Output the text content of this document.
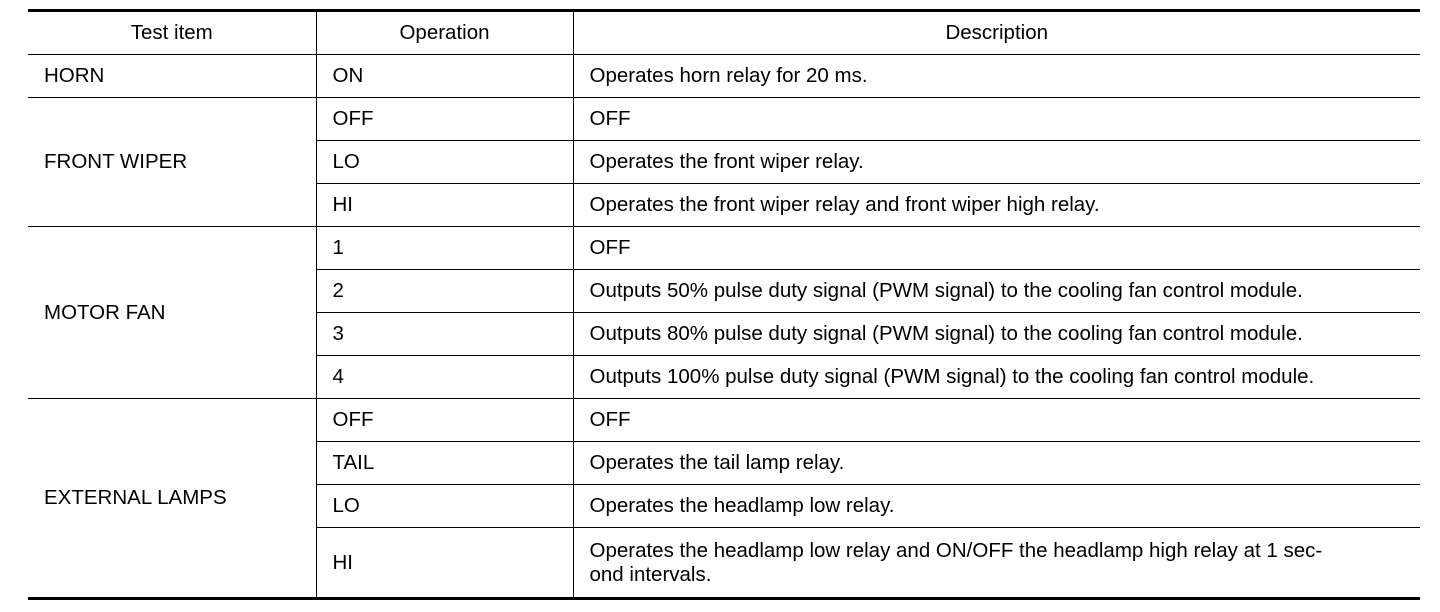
Test item	Operation	Description
HORN	ON	Operates horn relay for 20 ms.
FRONT WIPER	OFF	OFF
	LO	Operates the front wiper relay.
	HI	Operates the front wiper relay and front wiper high relay.
MOTOR FAN	1	OFF
	2	Outputs 50% pulse duty signal (PWM signal) to the cooling fan control module.
	3	Outputs 80% pulse duty signal (PWM signal) to the cooling fan control module.
	4	Outputs 100% pulse duty signal (PWM signal) to the cooling fan control module.
EXTERNAL LAMPS	OFF	OFF
	TAIL	Operates the tail lamp relay.
	LO	Operates the headlamp low relay.
	HI	Operates the headlamp low relay and ON/OFF the headlamp high relay at 1 sec-
ond intervals.
